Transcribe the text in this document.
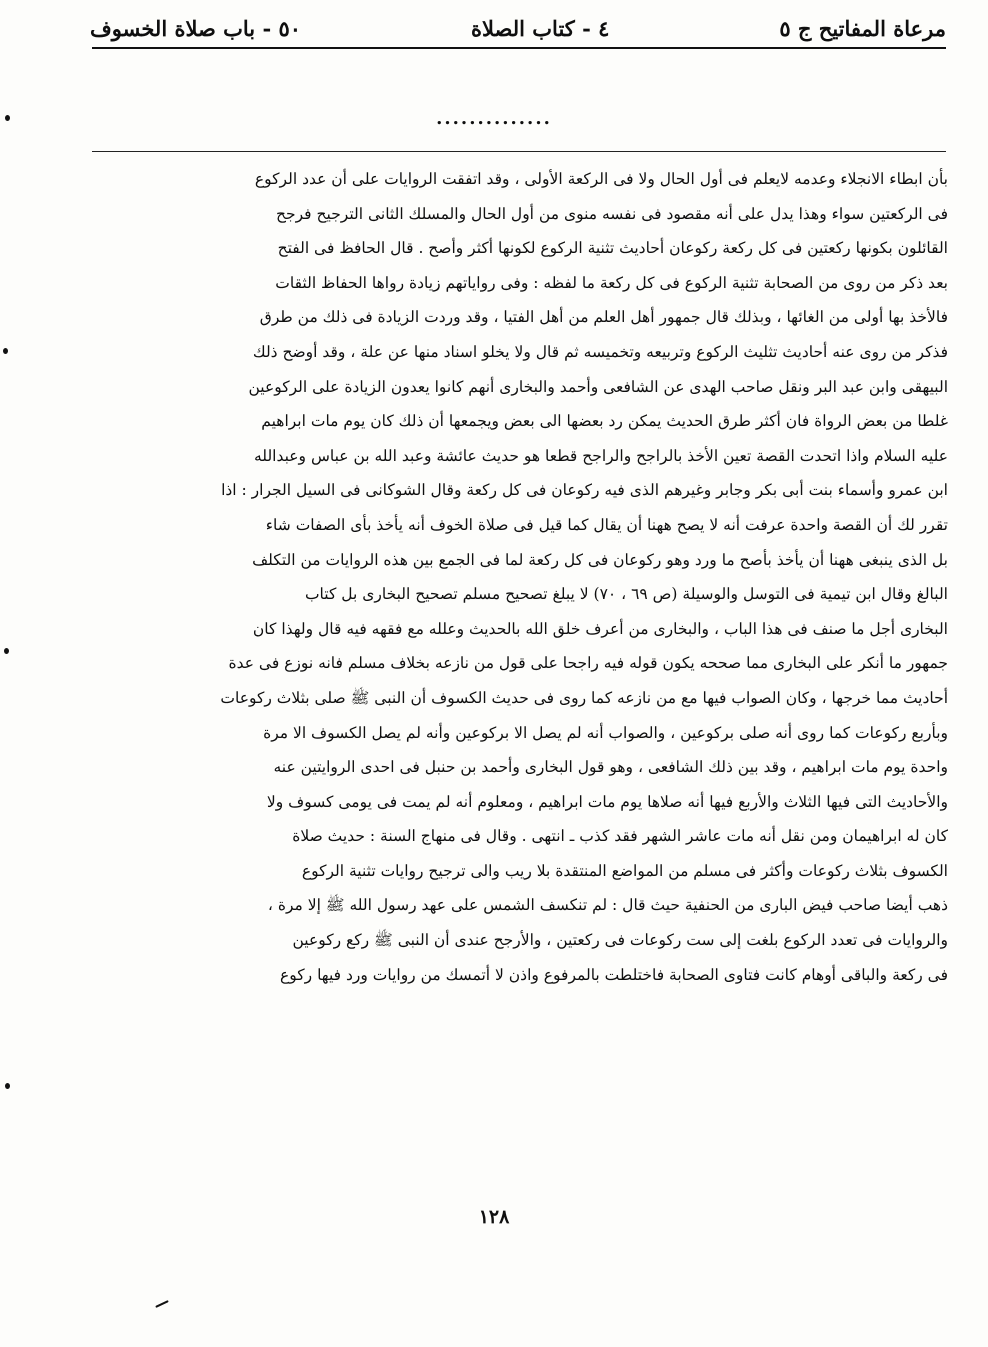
مرعاة المفاتيح ج ٥
٤ - كتاب الصلاة
٥٠ - باب صلاة الخسوف
..............
بأن ابطاء الانجلاء وعدمه لايعلم فى أول الحال ولا فى الركعة الأولى ، وقد اتفقت الروايات على أن عدد الركوع
فى الركعتين سواء وهذا يدل على أنه مقصود فى نفسه منوى من أول الحال والمسلك الثانى الترجيح فرجح
القائلون بكونها ركعتين فى كل ركعة ركوعان أحاديث تثنية الركوع لكونها أكثر وأصح . قال الحافظ فى الفتح
بعد ذكر من روى من الصحابة تثنية الركوع فى كل ركعة ما لفظه : وفى رواياتهم زيادة رواها الحفاظ الثقات
فالأخذ بها أولى من الغائها ، وبذلك قال جمهور أهل العلم من أهل الفتيا ، وقد وردت الزيادة فى ذلك من طرق
فذكر من روى عنه أحاديث تثليث الركوع وتربيعه وتخميسه ثم قال ولا يخلو اسناد منها عن علة ، وقد أوضح ذلك
البيهقى وابن عبد البر ونقل صاحب الهدى عن الشافعى وأحمد والبخارى أنهم كانوا يعدون الزيادة على الركوعين
غلطا من بعض الرواة فان أكثر طرق الحديث يمكن رد بعضها الى بعض ويجمعها أن ذلك كان يوم مات ابراهيم
عليه السلام واذا اتحدت القصة تعين الأخذ بالراجح والراجح قطعا هو حديث عائشة وعبد الله بن عباس وعبدالله
ابن عمرو وأسماء بنت أبى بكر وجابر وغيرهم الذى فيه ركوعان فى كل ركعة وقال الشوكانى فى السيل الجرار : اذا
تقرر لك أن القصة واحدة عرفت أنه لا يصح ههنا أن يقال كما قيل فى صلاة الخوف أنه يأخذ بأى الصفات شاء
بل الذى ينبغى ههنا أن يأخذ بأصح ما ورد وهو ركوعان فى كل ركعة لما فى الجمع بين هذه الروايات من التكلف
البالغ وقال ابن تيمية فى التوسل والوسيلة (ص ٦٩ ، ٧٠) لا يبلغ تصحيح مسلم تصحيح البخارى بل كتاب
البخارى أجل ما صنف فى هذا الباب ، والبخارى من أعرف خلق الله بالحديث وعلله مع فقهه فيه قال ولهذا كان
جمهور ما أنكر على البخارى مما صححه يكون قوله فيه راجحا على قول من نازعه بخلاف مسلم فانه نوزع فى عدة
أحاديث مما خرجها ، وكان الصواب فيها مع من نازعه كما روى فى حديث الكسوف أن النبى ﷺ صلى بثلاث ركوعات
وبأربع ركوعات كما روى أنه صلى بركوعين ، والصواب أنه لم يصل الا بركوعين وأنه لم يصل الكسوف الا مرة
واحدة يوم مات ابراهيم ، وقد بين ذلك الشافعى ، وهو قول البخارى وأحمد بن حنبل فى احدى الروايتين عنه
والأحاديث التى فيها الثلاث والأربع فيها أنه صلاها يوم مات ابراهيم ، ومعلوم أنه لم يمت فى يومى كسوف ولا
كان له ابراهيمان ومن نقل أنه مات عاشر الشهر فقد كذب ـ انتهى . وقال فى منهاج السنة : حديث صلاة
الكسوف بثلاث ركوعات وأكثر فى مسلم من المواضع المنتقدة بلا ريب والى ترجيح روايات تثنية الركوع
ذهب أيضا صاحب فيض البارى من الحنفية حيث قال : لم تنكسف الشمس على عهد رسول الله ﷺ إلا مرة ،
والروايات فى تعدد الركوع بلغت إلى ست ركوعات فى ركعتين ، والأرجح عندى أن النبى ﷺ ركع ركوعين
فى ركعة والباقى أوهام كانت فتاوى الصحابة فاختلطت بالمرفوع واذن لا أتمسك من روايات ورد فيها ركوع
١٢٨
